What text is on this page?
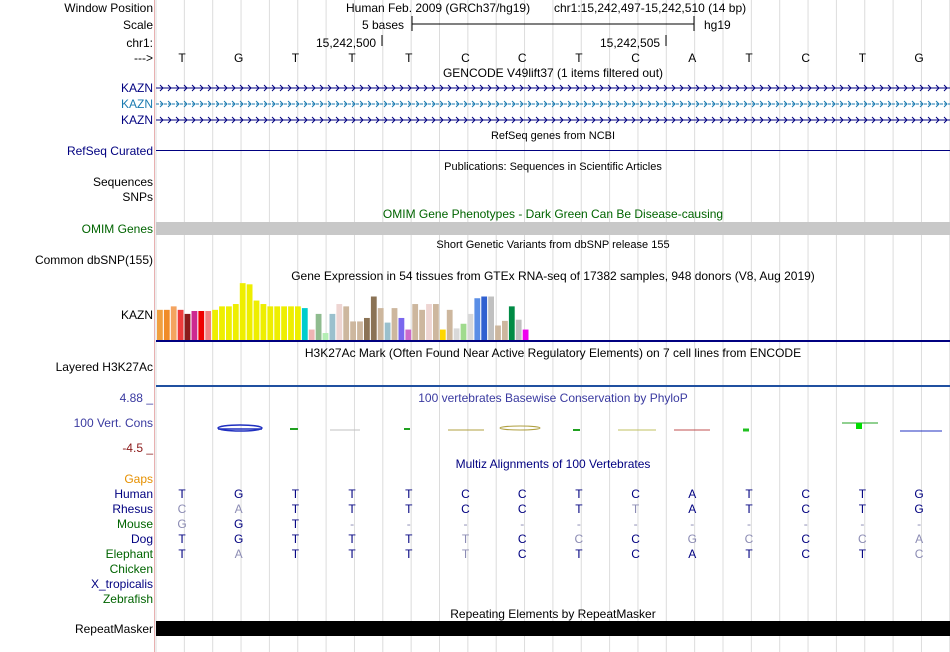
Window Position	Human Feb. 2009 (GRCh37/hg19) chr1:15,242,497-15,242,510 (14 bp)
Scale	5 bases	hg19
chr1:	15,242,500	15,242,505
--->	T	G	T	T	T	C	C	T	C	A	T	C	T	G
GENCODE V49lift37 (1 items filtered out)
KAZN
KAZN
KAZN
RefSeq genes from NCBI
RefSeq Curated
Publications: Sequences in Scientific Articles
Sequences
SNPs
OMIM Gene Phenotypes - Dark Green Can Be Disease-causing
OMIM Genes
Short Genetic Variants from dbSNP release 155
Common dbSNP(155)
Gene Expression in 54 tissues from GTEx RNA-seq of 17382 samples, 948 donors (V8, Aug 2019)
KAZN
H3K27Ac Mark (Often Found Near Active Regulatory Elements) on 7 cell lines from ENCODE
Layered H3K27Ac
100 vertebrates Basewise Conservation by PhyloP
4.88 _
100 Vert. Cons
-4.5 _
Multiz Alignments of 100 Vertebrates
Gaps
Human	T	G	T	T	T	C	C	T	C	A	T	C	T	G
Rhesus	C	A	T	T	T	C	C	T	T	A	T	C	T	G
Mouse	G	G	T	-	-	-	-	-	-	-	-	-	-	-
Dog	T	G	T	T	T	T	C	C	C	G	C	C	C	A
Elephant	T	A	T	T	T	T	C	T	C	A	T	C	T	C
Chicken
X_tropicalis
Zebrafish
Repeating Elements by RepeatMasker
RepeatMasker
